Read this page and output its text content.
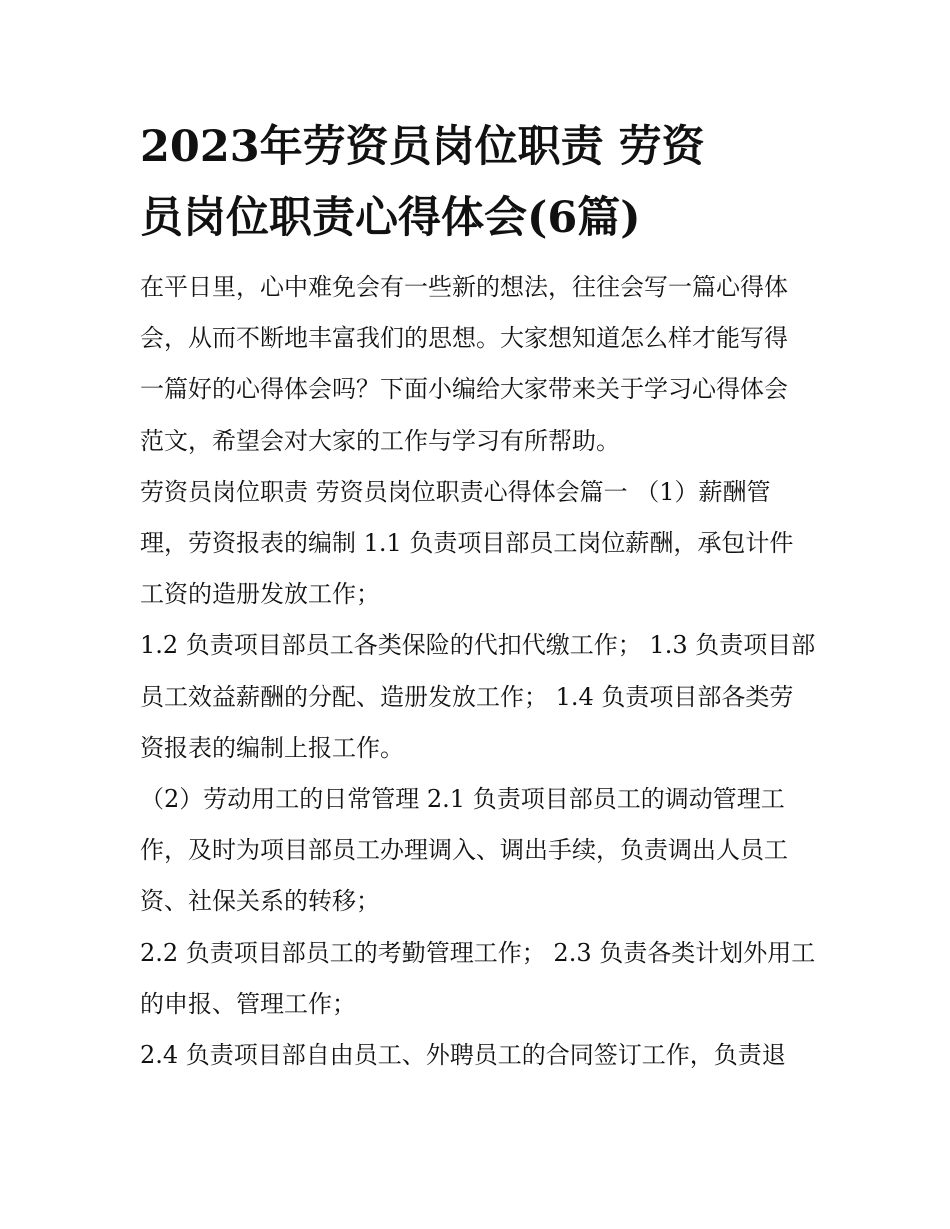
2023年劳资员岗位职责 劳资
员岗位职责心得体会(6篇)

在平日里，心中难免会有一些新的想法，往往会写一篇心得体

会，从而不断地丰富我们的思想。大家想知道怎么样才能写得

一篇好的心得体会吗？下面小编给大家带来关于学习心得体会

范文，希望会对大家的工作与学习有所帮助。

劳资员岗位职责 劳资员岗位职责心得体会篇一 （1）薪酬管

理，劳资报表的编制 1.1 负责项目部员工岗位薪酬，承包计件

工资的造册发放工作；

1.2 负责项目部员工各类保险的代扣代缴工作； 1.3 负责项目部

员工效益薪酬的分配、造册发放工作； 1.4 负责项目部各类劳

资报表的编制上报工作。

（2）劳动用工的日常管理 2.1 负责项目部员工的调动管理工

作，及时为项目部员工办理调入、调出手续，负责调出人员工

资、社保关系的转移；

2.2 负责项目部员工的考勤管理工作； 2.3 负责各类计划外用工

的申报、管理工作；

2.4 负责项目部自由员工、外聘员工的合同签订工作，负责退
